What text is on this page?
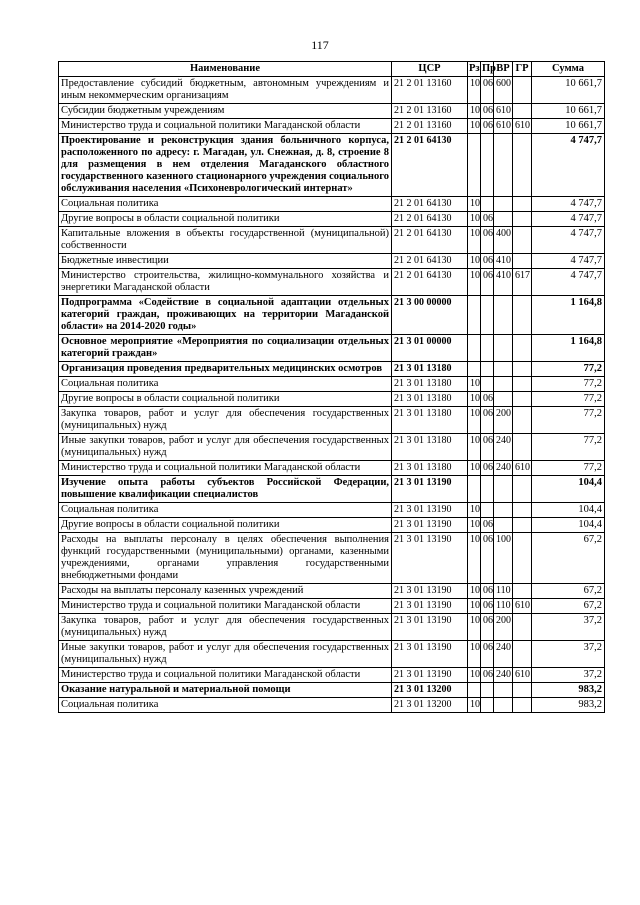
117
Наименование	ЦСР	Рз	Пр	ВР	ГР	Сумма
Предоставление субсидий бюджетным, автономным учреждениям и иным некоммерческим организациям	21 2 01 13160	10	06	600		10 661,7
Субсидии бюджетным учреждениям	21 2 01 13160	10	06	610		10 661,7
Министерство труда и социальной политики Магаданской области	21 2 01 13160	10	06	610	610	10 661,7
Проектирование и реконструкция здания больничного корпуса, расположенного по адресу: г. Магадан, ул. Снежная, д. 8, строение 8 для размещения в нем отделения Магаданского областного государственного казенного стационарного учреждения социального обслуживания населения «Психоневрологический интернат»	21 2 01 64130					4 747,7
Социальная политика	21 2 01 64130	10				4 747,7
Другие вопросы в области социальной политики	21 2 01 64130	10	06			4 747,7
Капитальные вложения в объекты государственной (муниципальной) собственности	21 2 01 64130	10	06	400		4 747,7
Бюджетные инвестиции	21 2 01 64130	10	06	410		4 747,7
Министерство строительства, жилищно-коммунального хозяйства и энергетики Магаданской области	21 2 01 64130	10	06	410	617	4 747,7
Подпрограмма «Содействие в социальной адаптации отдельных категорий граждан, проживающих на территории Магаданской области» на 2014-2020 годы»	21 3 00 00000					1 164,8
Основное мероприятие «Мероприятия по социализации отдельных категорий граждан»	21 3 01 00000					1 164,8
Организация проведения предварительных медицинских осмотров	21 3 01 13180					77,2
Социальная политика	21 3 01 13180	10				77,2
Другие вопросы в области социальной политики	21 3 01 13180	10	06			77,2
Закупка товаров, работ и услуг для обеспечения государственных (муниципальных) нужд	21 3 01 13180	10	06	200		77,2
Иные закупки товаров, работ и услуг для обеспечения государственных (муниципальных) нужд	21 3 01 13180	10	06	240		77,2
Министерство труда и социальной политики Магаданской области	21 3 01 13180	10	06	240	610	77,2
Изучение опыта работы субъектов Российской Федерации, повышение квалификации специалистов	21 3 01 13190					104,4
Социальная политика	21 3 01 13190	10				104,4
Другие вопросы в области социальной политики	21 3 01 13190	10	06			104,4
Расходы на выплаты персоналу в целях обеспечения выполнения функций государственными (муниципальными) органами, казенными учреждениями, органами управления государственными внебюджетными фондами	21 3 01 13190	10	06	100		67,2
Расходы на выплаты персоналу казенных учреждений	21 3 01 13190	10	06	110		67,2
Министерство труда и социальной политики Магаданской области	21 3 01 13190	10	06	110	610	67,2
Закупка товаров, работ и услуг для обеспечения государственных (муниципальных) нужд	21 3 01 13190	10	06	200		37,2
Иные закупки товаров, работ и услуг для обеспечения государственных (муниципальных) нужд	21 3 01 13190	10	06	240		37,2
Министерство труда и социальной политики Магаданской области	21 3 01 13190	10	06	240	610	37,2
Оказание натуральной и материальной помощи	21 3 01 13200					983,2
Социальная политика	21 3 01 13200	10				983,2
